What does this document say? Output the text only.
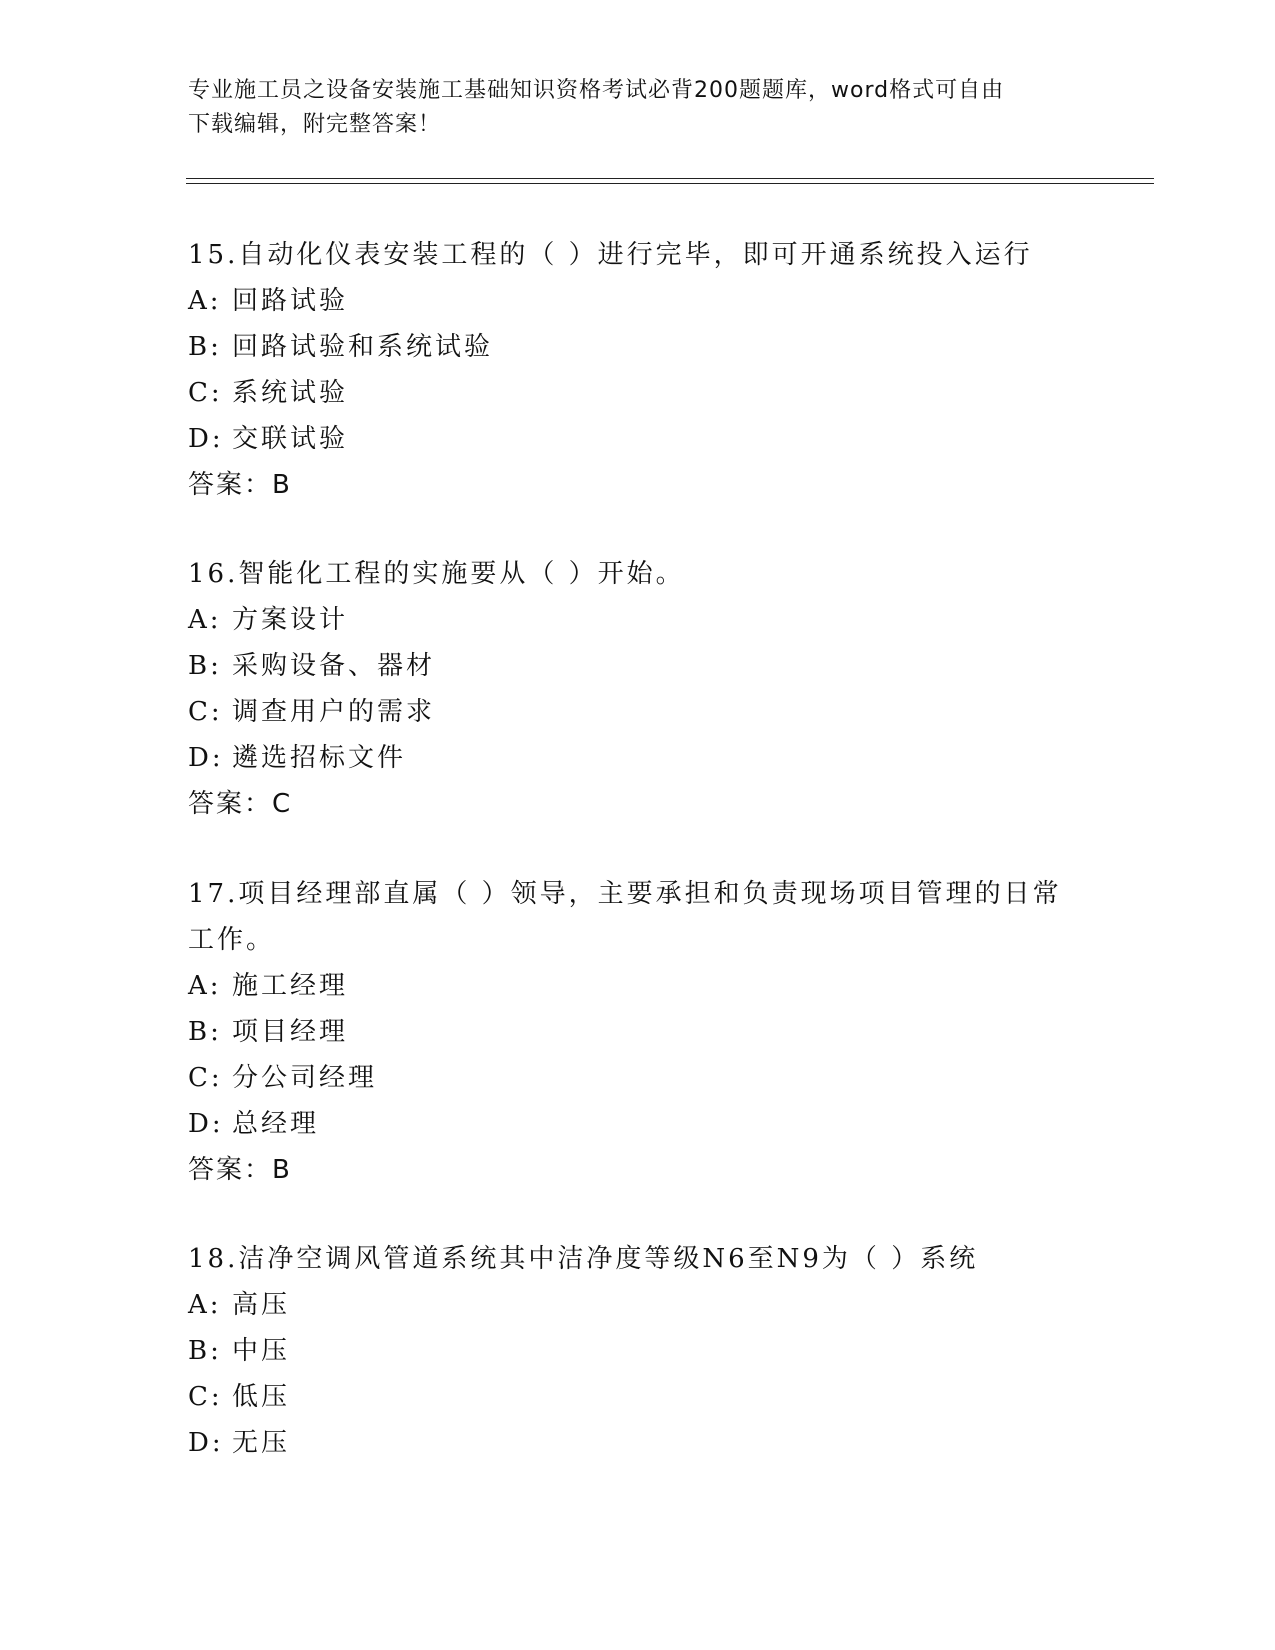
专业施工员之设备安装施工基础知识资格考试必背200题题库，word格式可自由
下载编辑，附完整答案！

15.自动化仪表安装工程的（ ）进行完毕，即可开通系统投入运行

A: 回路试验

B: 回路试验和系统试验

C: 系统试验

D: 交联试验

答案：B

16.智能化工程的实施要从（ ）开始。

A: 方案设计

B: 采购设备、器材

C: 调查用户的需求

D: 遴选招标文件

答案：C

17.项目经理部直属（ ）领导，主要承担和负责现场项目管理的日常工作。

A: 施工经理

B: 项目经理

C: 分公司经理

D: 总经理

答案：B

18.洁净空调风管道系统其中洁净度等级N6至N9为（ ）系统

A: 高压

B: 中压

C: 低压

D: 无压
